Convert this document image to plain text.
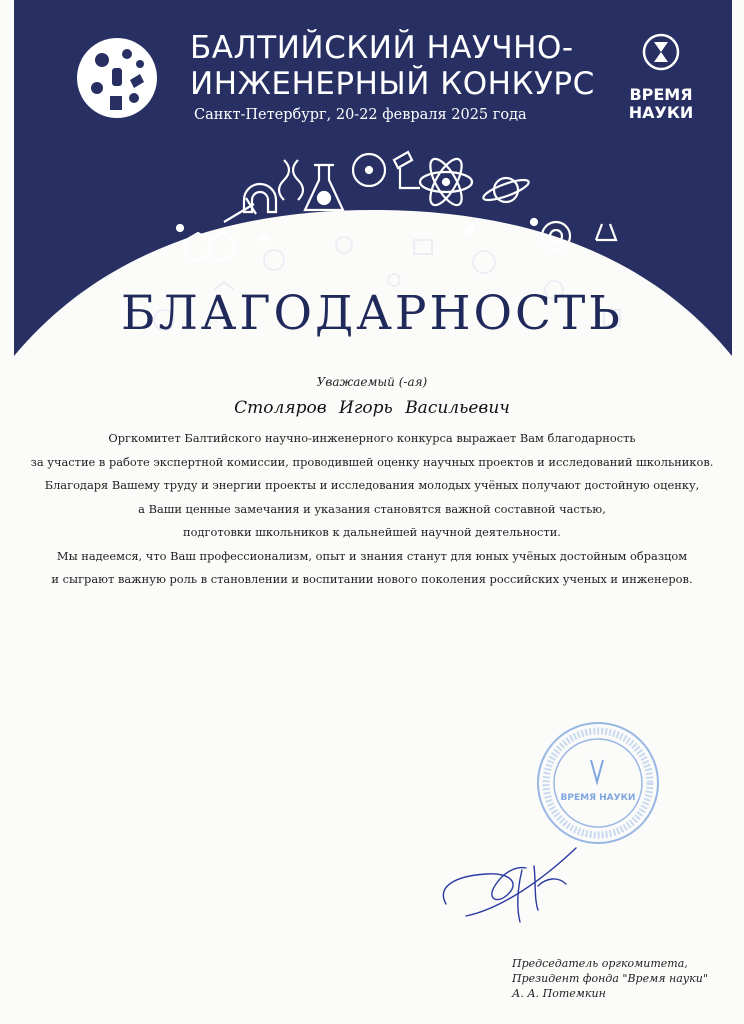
БАЛТИЙСКИЙ НАУЧНО-
ИНЖЕНЕРНЫЙ КОНКУРС
Санкт-Петербург, 20-22 февраля 2025 года
ВРЕМЯ
НАУКИ
БЛАГОДАРНОСТЬ
Уважаемый (-ая)
Столяров Игорь Васильевич
Оргкомитет Балтийского научно-инженерного конкурса выражает Вам благодарность
за участие в работе экспертной комиссии, проводившей оценку научных проектов и исследований школьников.
Благодаря Вашему труду и энергии проекты и исследования молодых учёных получают достойную оценку,
а Ваши ценные замечания и указания становятся важной составной частью,
подготовки школьников к дальнейшей научной деятельности.
Мы надеемся, что Ваш профессионализм, опыт и знания станут для юных учёных достойным образцом
и сыграют важную роль в становлении и воспитании нового поколения российских ученых и инженеров.
ВРЕМЯ НАУКИ
Председатель оргкомитета,
Президент фонда "Время науки"
А. А. Потемкин
